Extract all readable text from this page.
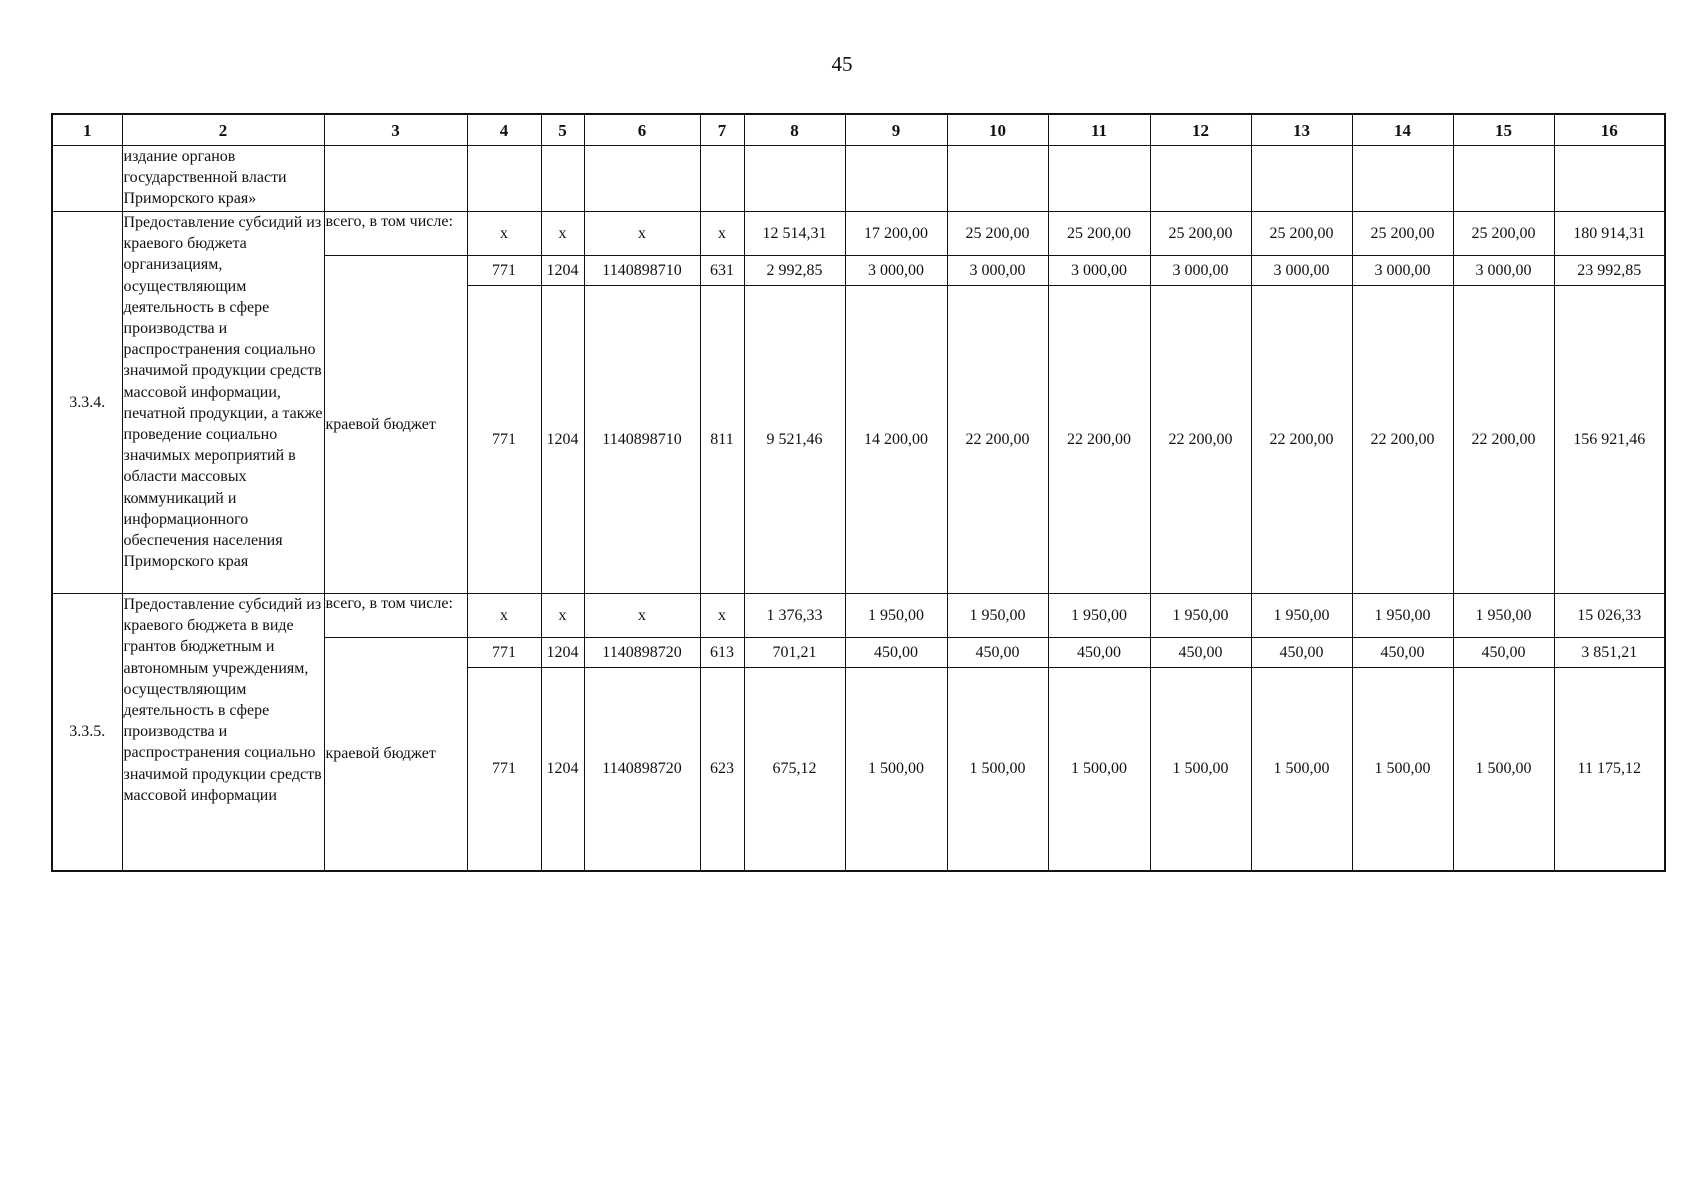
45
1	2	3	4	5	6	7	8	9	10	11	12	13	14	15	16
	издание органов государственной власти Приморского края»														
3.3.4.	Предоставление субсидий из краевого бюджета организациям, осуществляющим деятельность в сфере производства и распространения социально значимой продукции средств массовой информации, печатной продукции, а также проведение социально значимых мероприятий в области массовых коммуникаций и информационного обеспечения населения Приморского края	всего, в том числе:	x	x	x	x	12 514,31	17 200,00	25 200,00	25 200,00	25 200,00	25 200,00	25 200,00	25 200,00	180 914,31
		краевой бюджет	771	1204	1140898710	631	2 992,85	3 000,00	3 000,00	3 000,00	3 000,00	3 000,00	3 000,00	3 000,00	23 992,85
			771	1204	1140898710	811	9 521,46	14 200,00	22 200,00	22 200,00	22 200,00	22 200,00	22 200,00	22 200,00	156 921,46
3.3.5.	Предоставление субсидий из краевого бюджета в виде грантов бюджетным и автономным учреждениям, осуществляющим деятельность в сфере производства и распространения социально значимой продукции средств массовой информации	всего, в том числе:	x	x	x	x	1 376,33	1 950,00	1 950,00	1 950,00	1 950,00	1 950,00	1 950,00	1 950,00	15 026,33
		краевой бюджет	771	1204	1140898720	613	701,21	450,00	450,00	450,00	450,00	450,00	450,00	450,00	3 851,21
			771	1204	1140898720	623	675,12	1 500,00	1 500,00	1 500,00	1 500,00	1 500,00	1 500,00	1 500,00	11 175,12
